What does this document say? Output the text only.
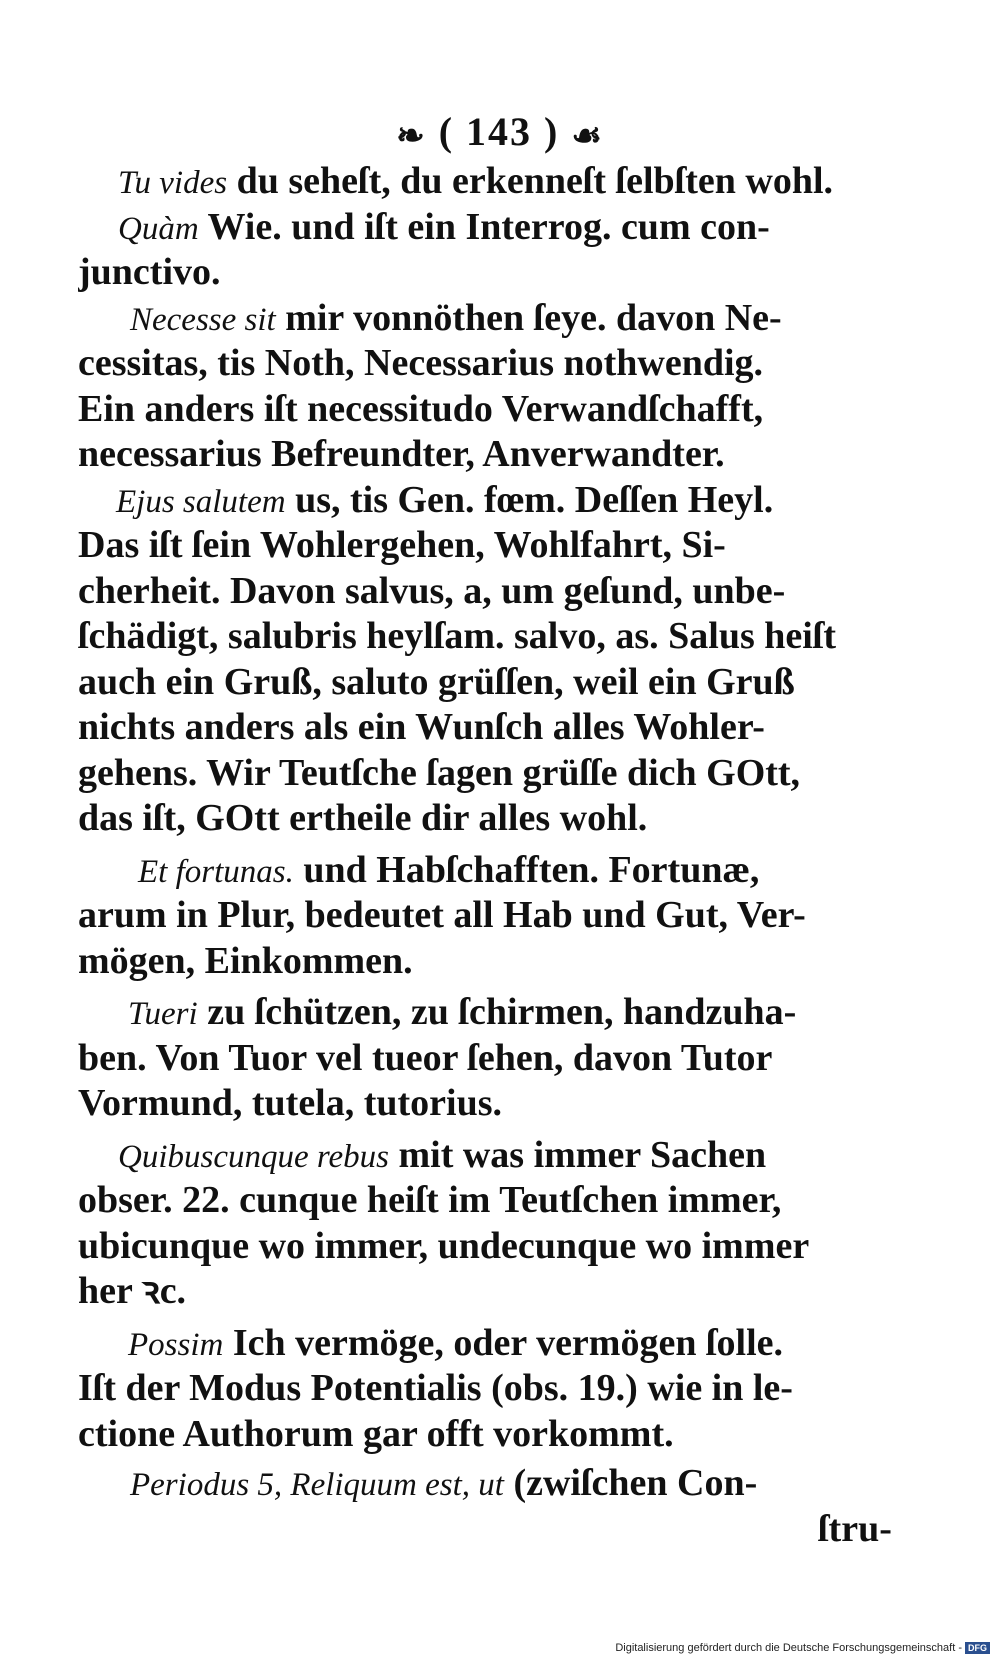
❧ ( 143 ) ☙
Tu vides du seheſt, du erkenneſt ſelbſten wohl.
Quàm Wie. und iſt ein Interrog. cum con-
junctivo.
Necesse sit mir vonnöthen ſeye. davon Ne-
cessitas, tis Noth, Necessarius nothwendig.
Ein anders iſt necessitudo Verwandſchafft,
necessarius Befreundter, Anverwandter.
Ejus salutem us, tis Gen. fœm. Deſſen Heyl.
Das iſt ſein Wohlergehen, Wohlfahrt, Si-
cherheit. Davon salvus, a, um geſund, unbe-
ſchädigt, salubris heylſam. salvo, as. Salus heiſt
auch ein Gruß, saluto grüſſen, weil ein Gruß
nichts anders als ein Wunſch alles Wohler-
gehens. Wir Teutſche ſagen grüſſe dich GOtt,
das iſt, GOtt ertheile dir alles wohl.
Et fortunas. und Habſchafften. Fortunæ,
arum in Plur, bedeutet all Hab und Gut, Ver-
mögen, Einkommen.
Tueri zu ſchützen, zu ſchirmen, handzuha-
ben. Von Tuor vel tueor ſehen, davon Tutor
Vormund, tutela, tutorius.
Quibuscunque rebus mit was immer Sachen
obser. 22. cunque heiſt im Teutſchen immer,
ubicunque wo immer, undecunque wo immer
her ꝛc.
Possim Ich vermöge, oder vermögen ſolle.
Iſt der Modus Potentialis (obs. 19.) wie in le-
ctione Authorum gar offt vorkommt.
Periodus 5, Reliquum est, ut (zwiſchen Con-
ſtru-
Digitalisierung gefördert durch die Deutsche Forschungsgemeinschaft - DFG
